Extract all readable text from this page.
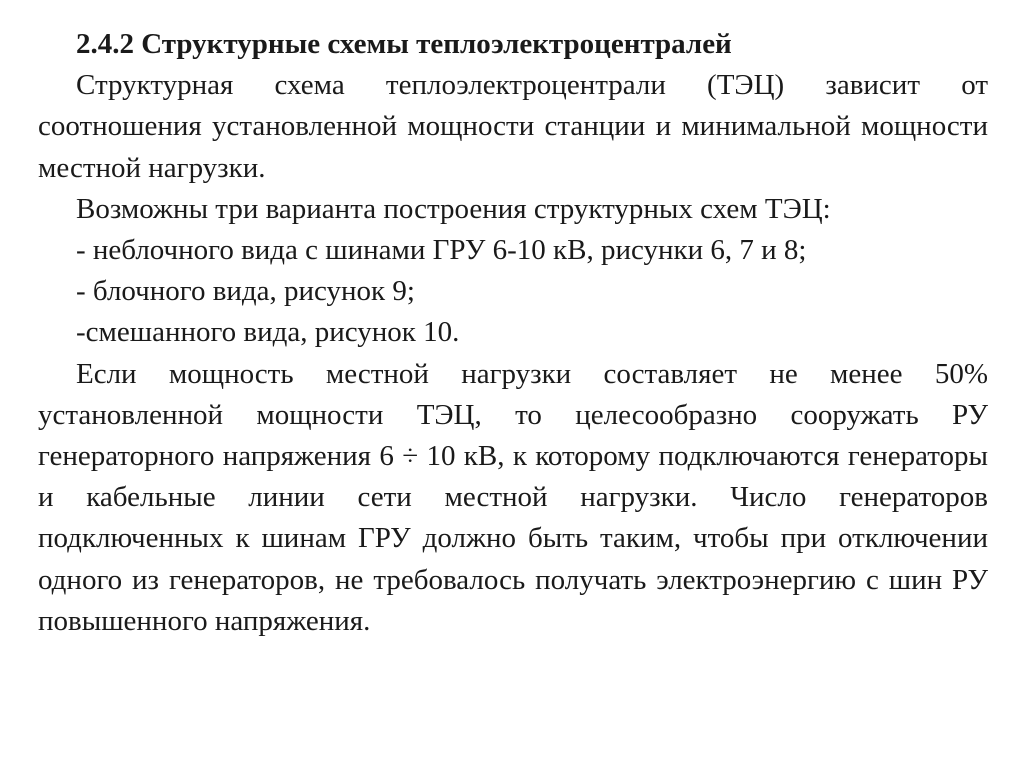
2.4.2 Структурные схемы теплоэлектроцентралей

Структурная схема теплоэлектроцентрали (ТЭЦ) зависит от соотношения установленной мощности станции и минимальной мощности местной нагрузки.

Возможны три варианта построения структурных схем ТЭЦ:

- неблочного вида с шинами ГРУ 6-10 кВ, рисунки 6, 7 и 8;

- блочного вида, рисунок 9;

-смешанного вида, рисунок 10.

Если мощность местной нагрузки составляет не менее 50% установленной мощности ТЭЦ, то целесообразно сооружать РУ генераторного напряжения 6 ÷ 10 кВ, к которому подключаются генераторы и кабельные линии сети местной нагрузки. Число генераторов подключенных к шинам ГРУ должно быть таким, чтобы при отключении одного из генераторов, не требовалось получать электроэнергию с шин РУ повышенного напряжения.
